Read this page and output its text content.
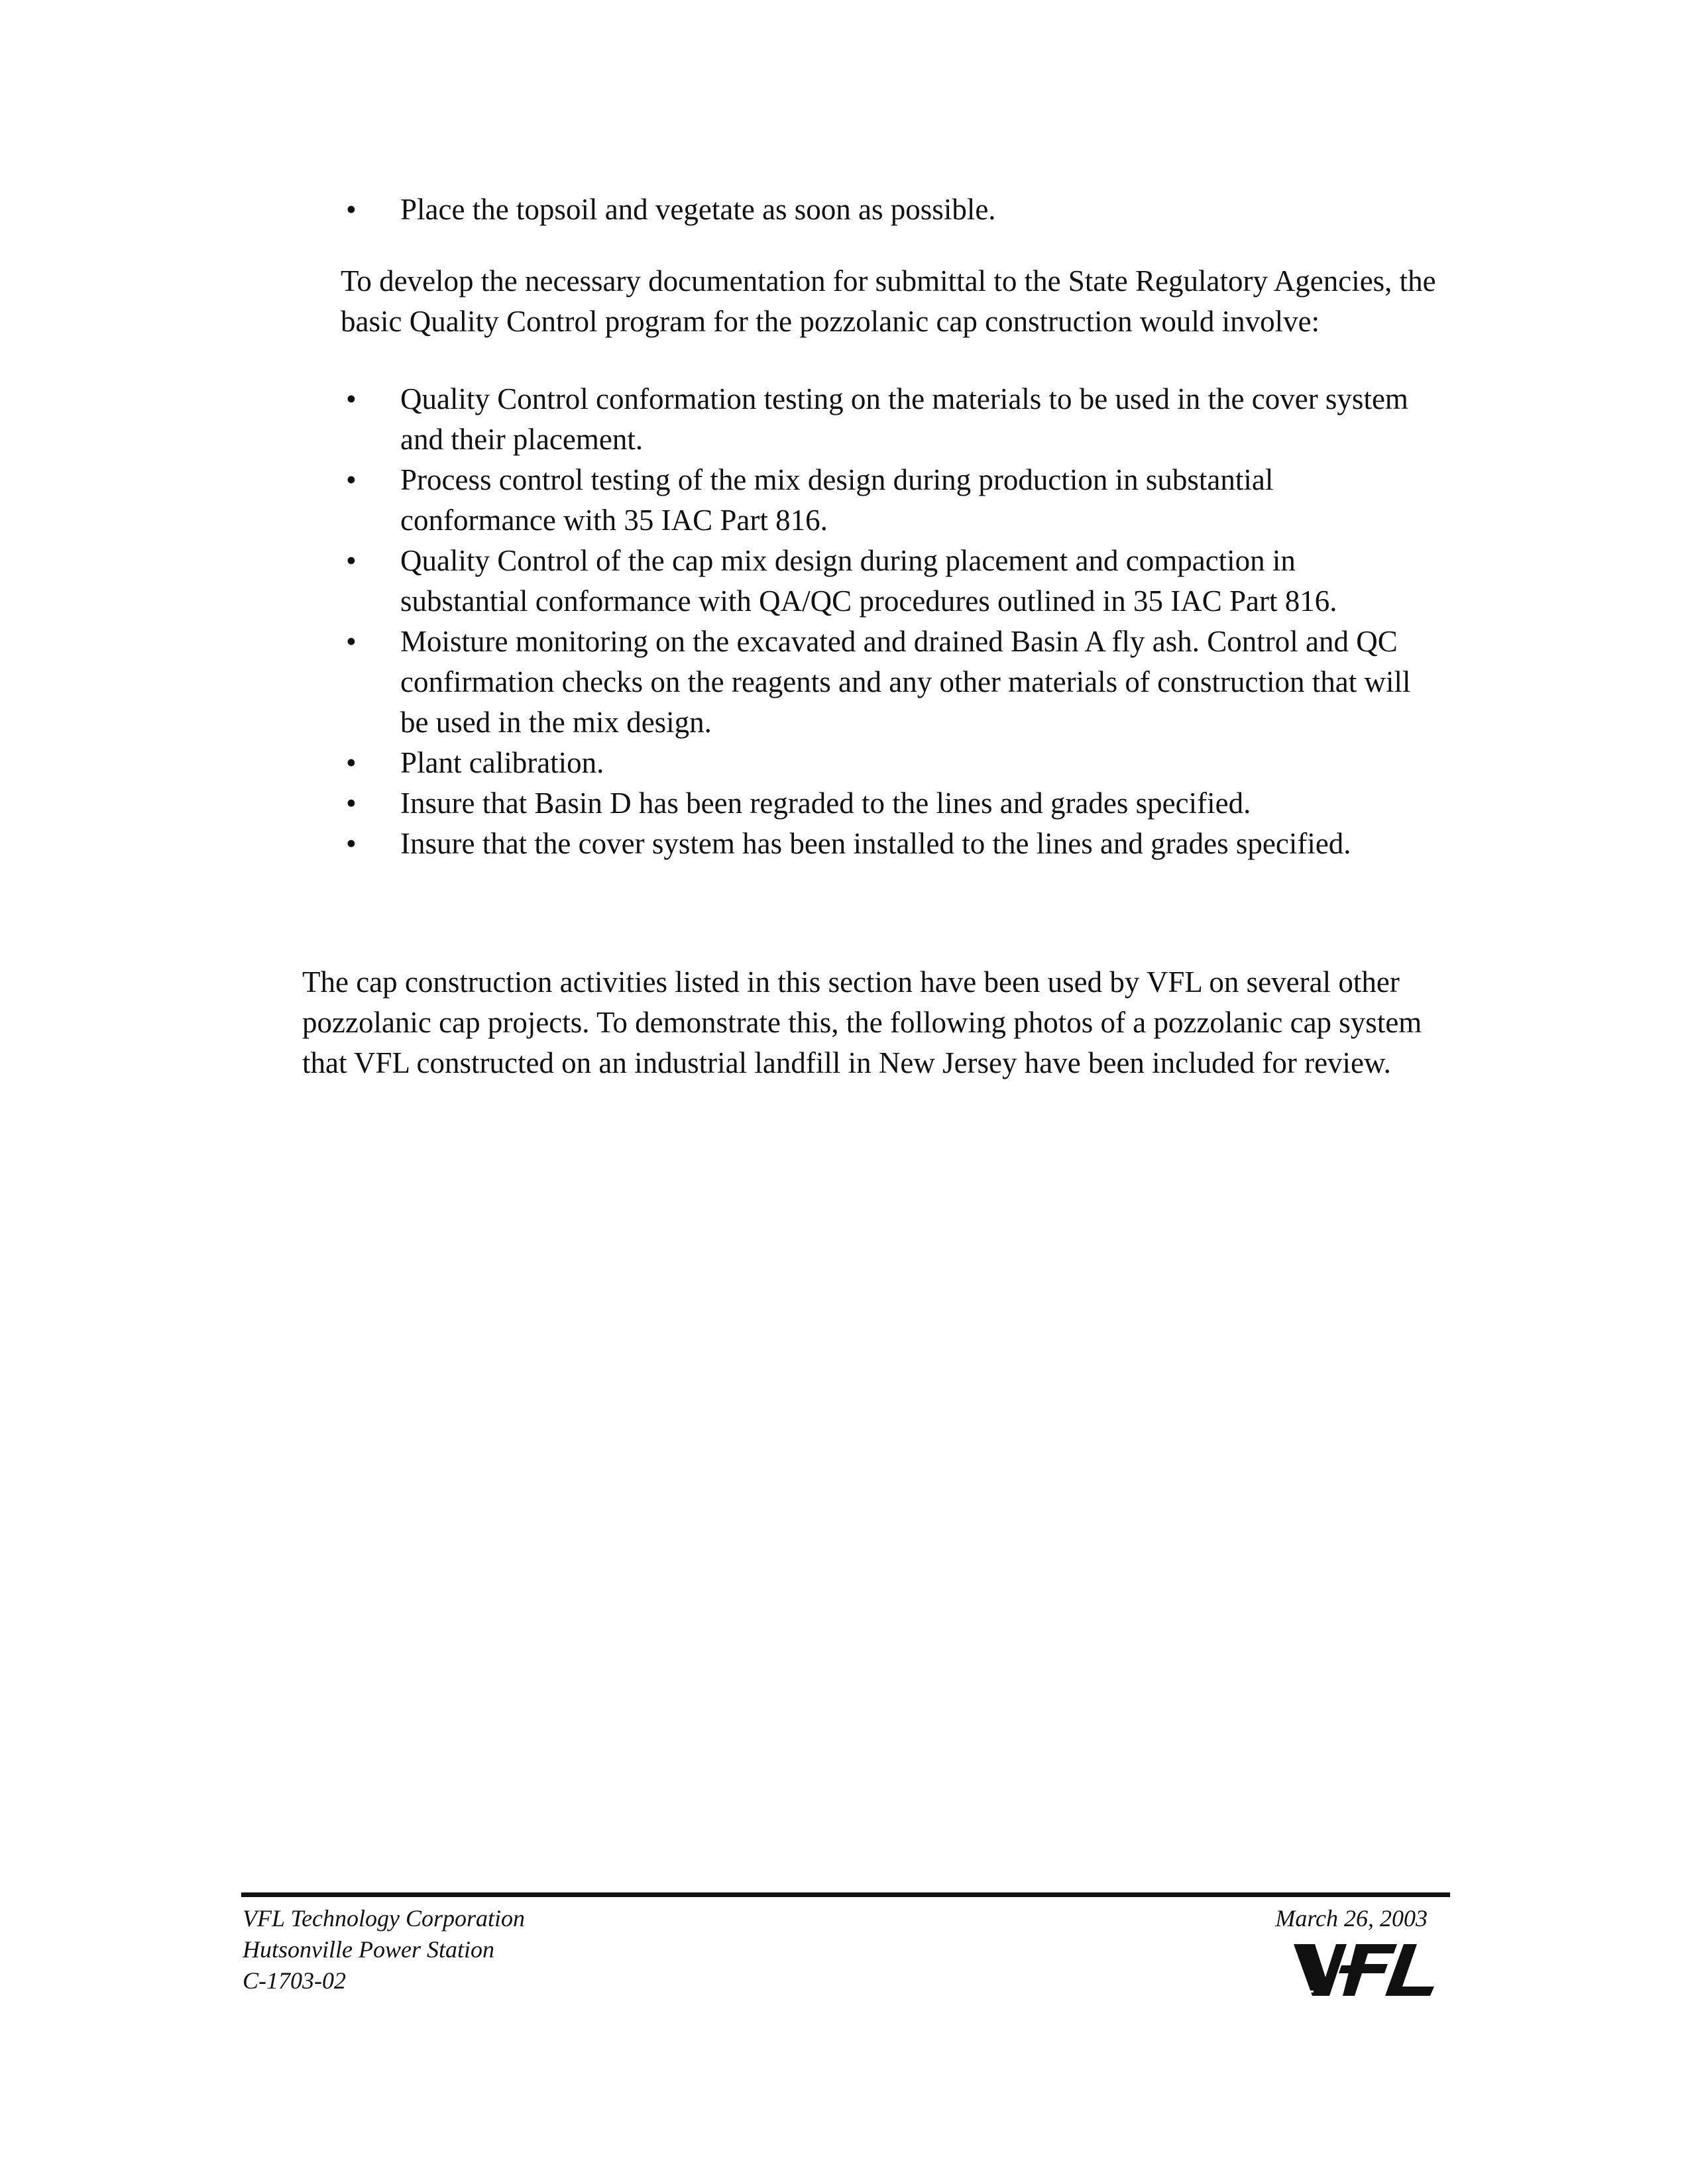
• Place the topsoil and vegetate as soon as possible.

To develop the necessary documentation for submittal to the State Regulatory Agencies, the basic Quality Control program for the pozzolanic cap construction would involve:

• Quality Control conformation testing on the materials to be used in the cover system and their placement.
• Process control testing of the mix design during production in substantial conformance with 35 IAC Part 816.
• Quality Control of the cap mix design during placement and compaction in substantial conformance with QA/QC procedures outlined in 35 IAC Part 816.
• Moisture monitoring on the excavated and drained Basin A fly ash. Control and QC confirmation checks on the reagents and any other materials of construction that will be used in the mix design.
• Plant calibration.
• Insure that Basin D has been regraded to the lines and grades specified.
• Insure that the cover system has been installed to the lines and grades specified.

The cap construction activities listed in this section have been used by VFL on several other pozzolanic cap projects. To demonstrate this, the following photos of a pozzolanic cap system that VFL constructed on an industrial landfill in New Jersey have been included for review.

VFL Technology Corporation
Hutsonville Power Station
C-1703-02
March 26, 2003
